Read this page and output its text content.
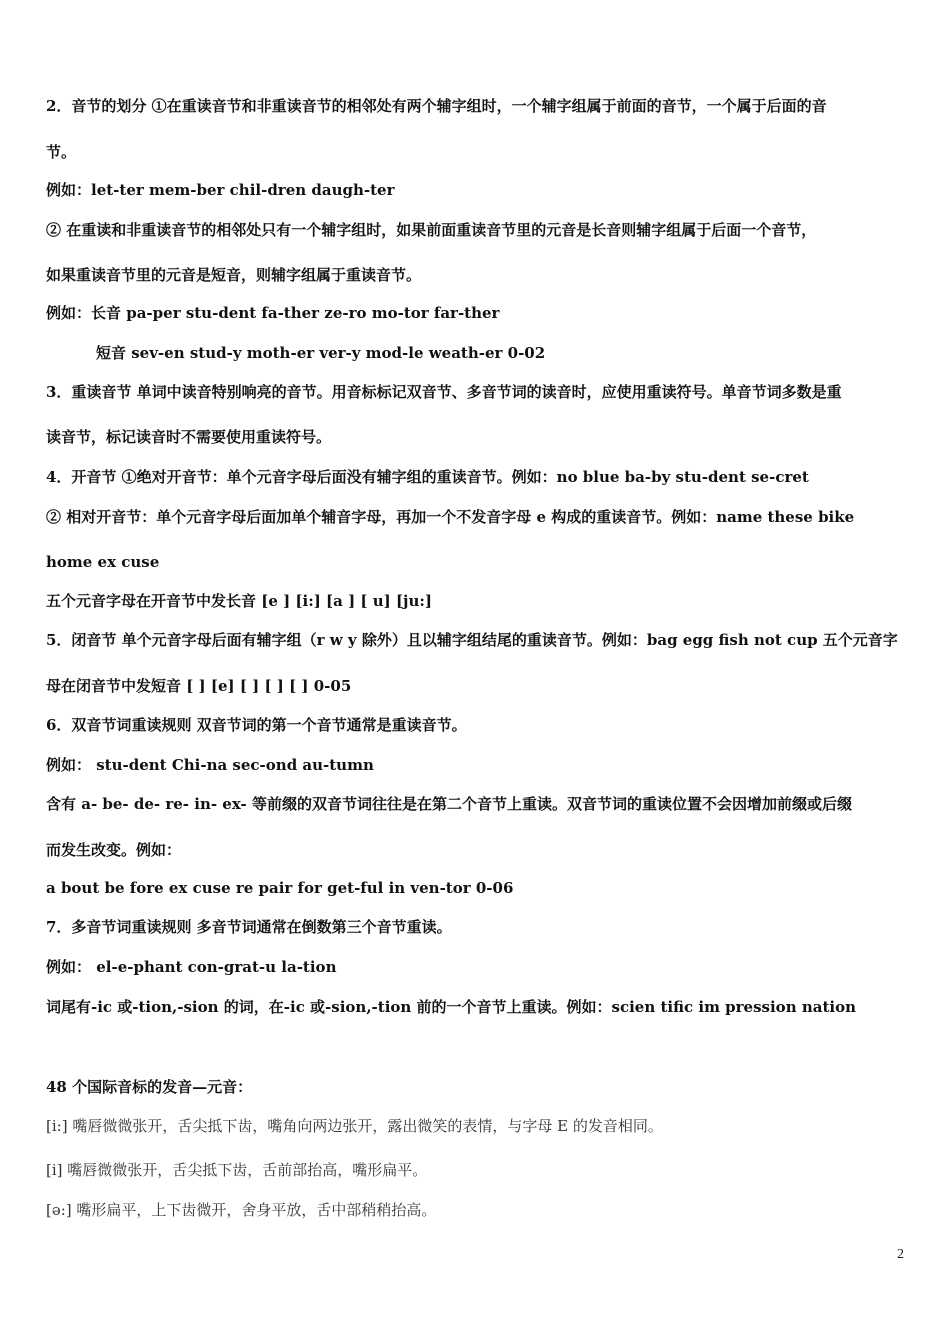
2．音节的划分 ①在重读音节和非重读音节的相邻处有两个辅字组时，一个辅字组属于前面的音节，一个属于后面的音

节。

例如：let-ter mem-ber chil-dren daugh-ter

② 在重读和非重读音节的相邻处只有一个辅字组时，如果前面重读音节里的元音是长音则辅字组属于后面一个音节，

如果重读音节里的元音是短音，则辅字组属于重读音节。

例如：长音 pa-per stu-dent fa-ther ze-ro mo-tor far-ther

短音 sev-en stud-y moth-er ver-y mod-le weath-er 0-02

3．重读音节 单词中读音特别响亮的音节。用音标标记双音节、多音节词的读音时，应使用重读符号。单音节词多数是重

读音节，标记读音时不需要使用重读符号。

4．开音节 ①绝对开音节：单个元音字母后面没有辅字组的重读音节。例如：no blue ba-by stu-dent se-cret

② 相对开音节：单个元音字母后面加单个辅音字母，再加一个不发音字母 e 构成的重读音节。例如：name these bike

home ex cuse

五个元音字母在开音节中发长音 [e ] [i:] [a ] [ u] [ju:]

5．闭音节 单个元音字母后面有辅字组（r w y 除外）且以辅字组结尾的重读音节。例如：bag egg fish not cup 五个元音字

母在闭音节中发短音 [ ] [e] [ ] [ ] [ ] 0-05

6．双音节词重读规则 双音节词的第一个音节通常是重读音节。

例如： stu-dent Chi-na sec-ond au-tumn

含有 a- be- de- re- in- ex- 等前缀的双音节词往往是在第二个音节上重读。双音节词的重读位置不会因增加前缀或后缀

而发生改变。例如：

a bout be fore ex cuse re pair for get-ful in ven-tor 0-06

7．多音节词重读规则 多音节词通常在倒数第三个音节重读。

例如： el-e-phant con-grat-u la-tion

词尾有-ic 或-tion,-sion 的词，在-ic 或-sion,-tion 前的一个音节上重读。例如：scien tific im pression nation

48 个国际音标的发音—元音：

[i:] 嘴唇微微张开，舌尖抵下齿，嘴角向两边张开，露出微笑的表情，与字母 E 的发音相同。

[i] 嘴唇微微张开，舌尖抵下齿，舌前部抬高，嘴形扁平。

[ə:] 嘴形扁平，上下齿微开，舍身平放，舌中部稍稍抬高。

2
